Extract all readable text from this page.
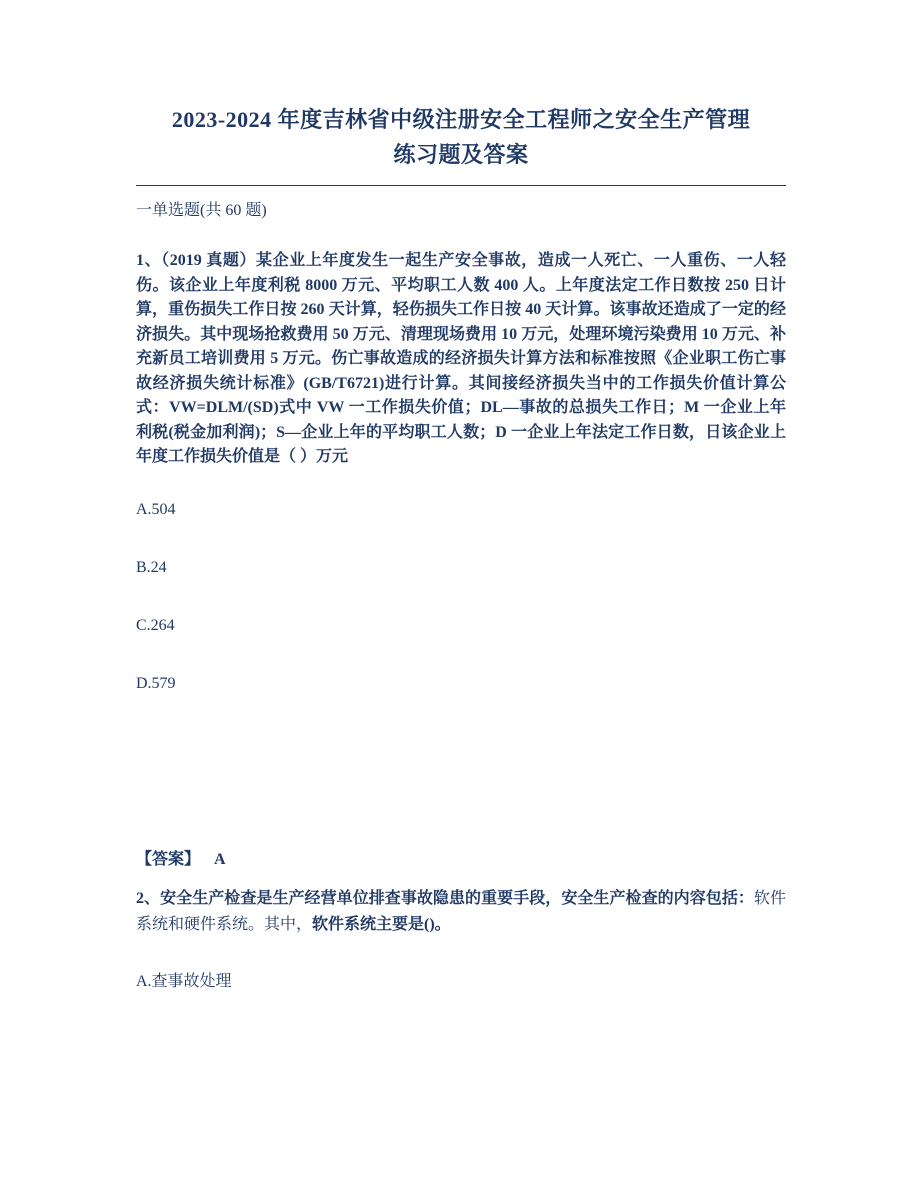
2023-2024 年度吉林省中级注册安全工程师之安全生产管理
练习题及答案
一单选题(共 60 题)
1、（2019 真题）某企业上年度发生一起生产安全事故，造成一人死亡、一人重伤、一人轻伤。该企业上年度利税 8000 万元、平均职工人数 400 人。上年度法定工作日数按 250 日计算，重伤损失工作日按 260 天计算，轻伤损失工作日按 40 天计算。该事故还造成了一定的经济损失。其中现场抢救费用 50 万元、清理现场费用 10 万元，处理环境污染费用 10 万元、补充新员工培训费用 5 万元。伤亡事故造成的经济损失计算方法和标准按照《企业职工伤亡事故经济损失统计标准》(GB/T6721)进行计算。其间接经济损失当中的工作损失价值计算公式：VW=DLM/(SD)式中 VW 一工作损失价值；DL—事故的总损失工作日；M 一企业上年利税(税金加利润)；S—企业上年的平均职工人数；D 一企业上年法定工作日数，日该企业上年度工作损失价值是（ ）万元
A.504
B.24
C.264
D.579
【答案】 A
2、安全生产检查是生产经营单位排查事故隐患的重要手段，安全生产检查的内容包括：软件系统和硬件系统。其中，软件系统主要是()。
A.查事故处理
